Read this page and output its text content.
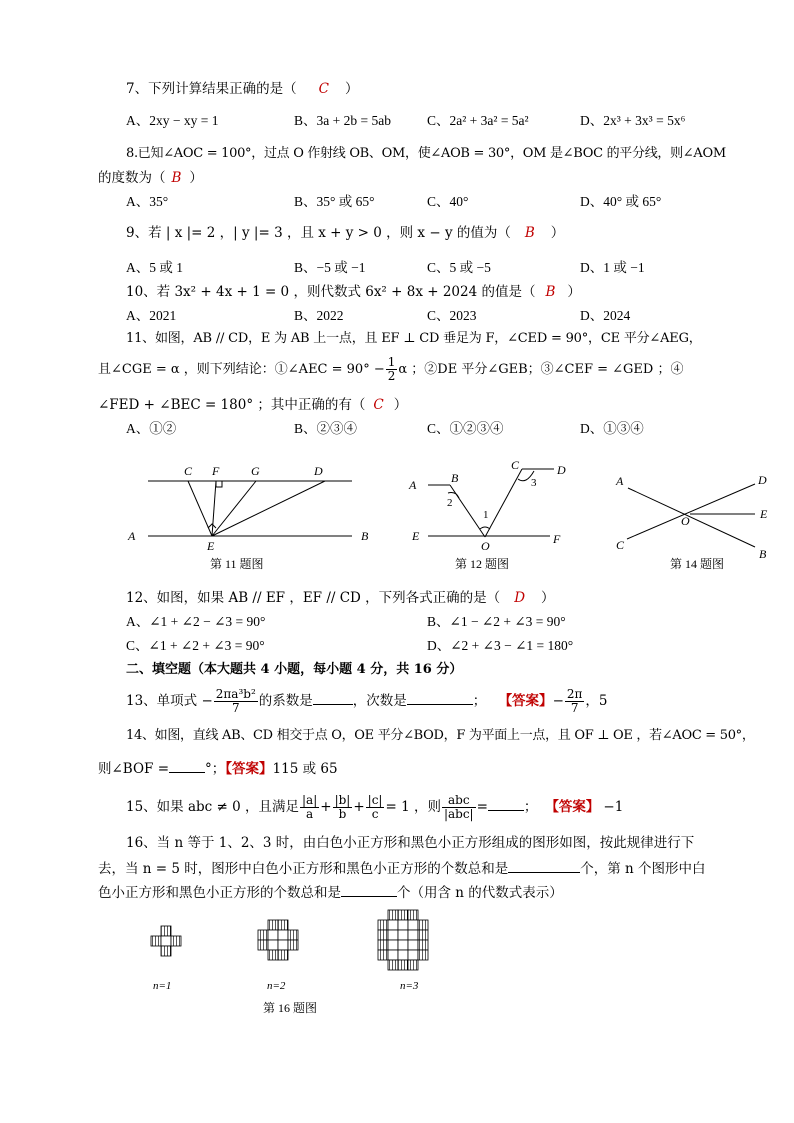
7、下列计算结果正确的是（ C ）
A、2xy − xy = 1	B、3a + 2b = 5ab	C、2a² + 3a² = 5a²	D、2x³ + 3x³ = 5x⁶
8.已知∠AOC = 100°，过点 O 作射线 OB、OM，使∠AOB = 30°，OM 是∠BOC 的平分线，则∠AOM
的度数为（ B ）
A、35°	B、35° 或 65°	C、40°	D、40° 或 65°
9、若 | x |= 2 ，| y |= 3 ，且 x + y > 0 ，则 x − y 的值为（ B ）
A、5 或 1	B、−5 或 −1	C、5 或 −5	D、1 或 −1
10、若 3x² + 4x + 1 = 0 ，则代数式 6x² + 8x + 2024 的值是（ B ）
A、2021	B、2022	C、2023	D、2024
11、如图，AB // CD，E 为 AB 上一点，且 EF ⊥ CD 垂足为 F，∠CED = 90°，CE 平分∠AEG，
且∠CGE = α ，则下列结论：①∠AEC = $90^\circ - \frac{1}{2}$ α ；②DE 平分∠GEB；③∠CEF = ∠GED ；④
∠FED + ∠BEC = 180° ；其中正确的有（ C ）
A、①②	B、②③④	C、①②③④	D、①③④
C F	G	D
A
E
B
第 11 题图
A	B
C	D
E
O	F
1
2
3
第 12 题图
A	D
E
O
C
B
第 14 题图
12、如图，如果 AB // EF ，EF // CD ，下列各式正确的是（ D ）
A、∠1 + ∠2 − ∠3 = 90°	B、∠1 − ∠2 + ∠3 = 90°
C、∠1 + ∠2 + ∠3 = 90°	D、∠2 + ∠3 − ∠1 = 180°
二、填空题（本大题共 4 小题，每小题 4 分，共 16 分）
13、单项式 − $\frac{\text{2πa³b²}}{7}$ 的系数是	，次数是	； 【答案】− $\frac{2\pi}{7}$ ，5
14、如图，直线 AB、CD 相交于点 O，OE 平分∠BOD，F 为平面上一点，且 OF ⊥ OE ，若∠AOC = 50°，
则∠BOF =	°；【答案】115 或 65
15、如果 abc ≠ 0 ，且满足 $\frac{|a|}{a} + \frac{|b|}{b} + \frac{|c|}{c} = 1$ ，则 $\frac{\text{abc}}{\text{|abc|}}$ =	； 【答案】 −1
16、当 n 等于 1、2、3 时，由白色小正方形和黑色小正方形组成的图形如图，按此规律进行下
去，当 n = 5 时，图形中白色小正方形和黑色小正方形的个数总和是	个，第 n 个图形中白
色小正方形和黑色小正方形的个数总和是	个（用含 n 的代数式表示）
n=1	n=2	n=3
第 16 题图
